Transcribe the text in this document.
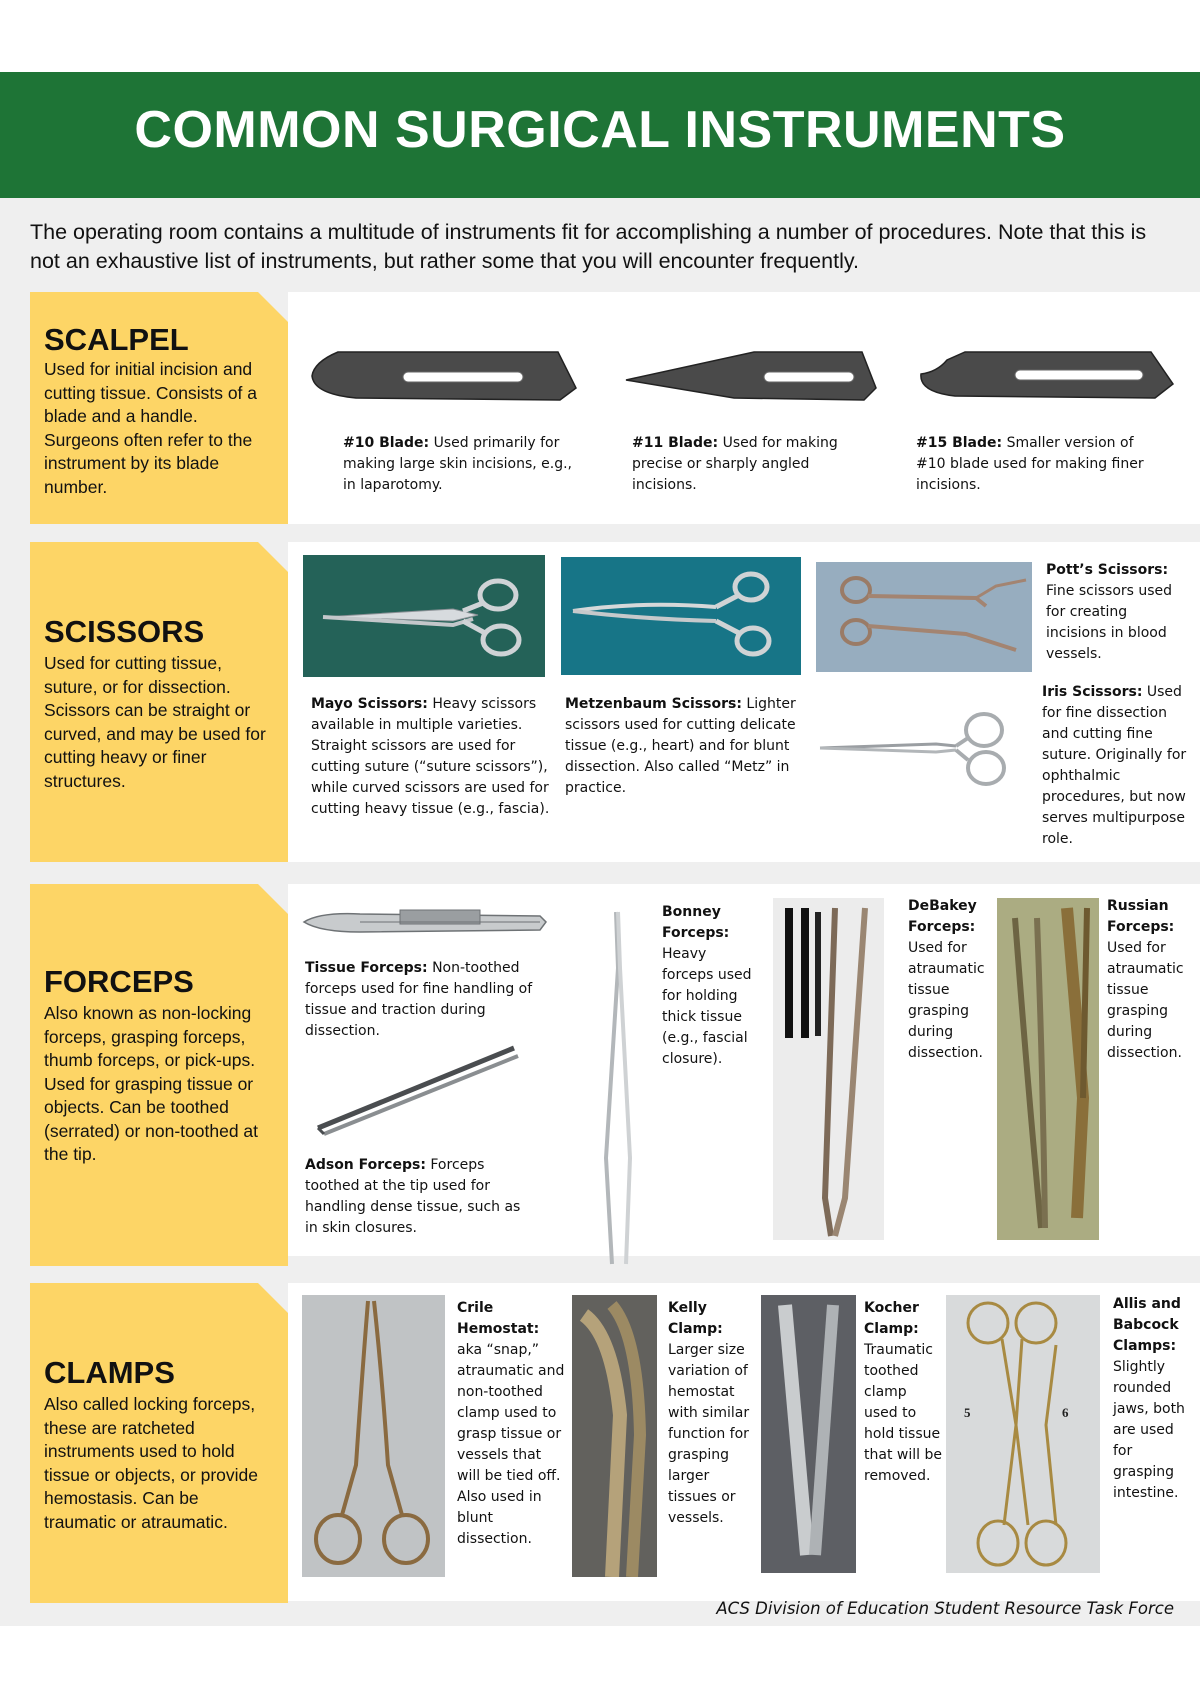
COMMON SURGICAL INSTRUMENTS

The operating room contains a multitude of instruments fit for accomplishing a number of procedures. Note that this is not an exhaustive list of instruments, but rather some that you will encounter frequently.

SCALPEL

Used for initial incision and cutting tissue. Consists of a blade and a handle. Surgeons often refer to the instrument by its blade number.

#10 Blade: Used primarily for making large skin incisions, e.g., in laparotomy.

#11 Blade: Used for making precise or sharply angled incisions.

#15 Blade: Smaller version of #10 blade used for making finer incisions.

SCISSORS

Used for cutting tissue, suture, or for dissection. Scissors can be straight or curved, and may be used for cutting heavy or finer structures.

Pott’s Scissors: Fine scissors used for creating incisions in blood vessels.

Iris Scissors: Used for fine dissection and cutting fine suture. Originally for ophthalmic procedures, but now serves multipurpose role.

Mayo Scissors: Heavy scissors available in multiple varieties. Straight scissors are used for cutting suture (“suture scissors”), while curved scissors are used for cutting heavy tissue (e.g., fascia).

Metzenbaum Scissors: Lighter scissors used for cutting delicate tissue (e.g., heart) and for blunt dissection. Also called “Metz” in practice.

FORCEPS

Also known as non-locking forceps, grasping forceps, thumb forceps, or pick-ups. Used for grasping tissue or objects. Can be toothed (serrated) or non-toothed at the tip.

Tissue Forceps: Non-toothed forceps used for fine handling of tissue and traction during dissection.

Adson Forceps: Forceps toothed at the tip used for handling dense tissue, such as in skin closures.

Bonney Forceps: Heavy forceps used for holding thick tissue (e.g., fascial closure).

DeBakey Forceps: Used for atraumatic tissue grasping during dissection.

Russian Forceps: Used for atraumatic tissue grasping during dissection.

CLAMPS

Also called locking forceps, these are ratcheted instruments used to hold tissue or objects, or provide hemostasis. Can be traumatic or atraumatic.

Crile Hemostat: aka “snap,” atraumatic and non-toothed clamp used to grasp tissue or vessels that will be tied off. Also used in blunt dissection.

Kelly Clamp: Larger size variation of hemostat with similar function for grasping larger tissues or vessels.

Kocher Clamp: Traumatic toothed clamp used to hold tissue that will be removed.

5	6

Allis and Babcock Clamps: Slightly rounded jaws, both are used for grasping intestine.

ACS Division of Education Student Resource Task Force
